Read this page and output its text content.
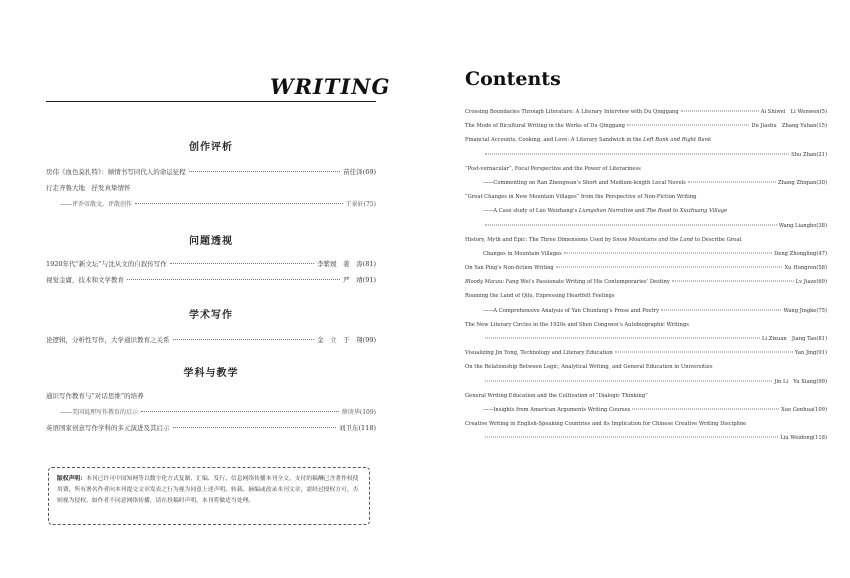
WRITING
创作评析
房伟《血色莫扎特》：倾情书写同代人的命运征程	苗佳泽(69)
行走齐鲁大地　抒发真挚情怀
——评乔帝散文，评散创作	王景轩(75)
问题透视
1920年代“新文坛”与沈从文的自叙传写作	李紫媛　姜　涛(81)
视觉金庸，技术和文学教育	严　靖(91)
学术写作
论逻辑，分析性写作，大学通识教育之关系	金　立　于　翔(99)
学科与教学
通识写作教育与“对话思维”的培养
——美国说理写作教育的启示	薛庚华(109)
英语国家创意写作学科的多元演进及其启示	刘卫东(118)
版权声明：本刊已许可中国知网等以数字化方式复制、汇编、发行、信息网络传播本刊全文。支付的稿酬已含著作权使用费，所有署名作者向本刊提交文章发表之行为视为同意上述声明。转载、摘编或改录本刊文章，需经过授权方可，否则视为侵权。如作者不同意网络传播，请在投稿时声明，本刊将做适当处理。
Contents
Crossing Boundaries Through Literature: A Literary Interview with Du Qinggang	Ai Shiwei　Li Wenwen(5)
The Mode of Bicultural Writing in the Works of Du Qinggang	Du Jiashu　Zhang Yuhan(15)
Financial Accounts, Cooking, and Love: A Literary Sandwich in the Left Bank and Right Bank
Shu Zhan(21)
“Post-vernacular”, Focal Perspective and the Power of Literariness
——Commenting on Ran Zhengwan’s Short and Medium-length Local Novels	Zhang Zhiqian(30)
“Great Changes in New Mountain Villages” from the Perspective of Non-Fiction Writing
——A Case study of Luo Weizhang’s Liangshan Narrative and The Road to Xiazhuang Village
Wang Liangbo(38)
History, Myth and Epic: The Three Dimensions Used by Snow Mountains and the Land to Describe Great
Changes in Mountain Villages	Deng Zhongling(47)
On Yan Ping’s Non-fiction Writing	Xu Hongren(58)
Bloody Macau: Fang Wei’s Passionate Writing of His Contemporaries’ Destiny	Lv Jiaze(69)
Roaming the Land of Qilu, Expressing Heartfelt Feelings
——A Comprehensive Analysis of Yan Chunfang’s Prose and Poetry	Wang Jingke(75)
The New Literary Circles in the 1920s and Shen Congwen’s Autobiographic Writings
Li Zixuan　Jiang Tao(81)
Visualizing Jin Yong, Technology and Literary Education	Yan Jing(91)
On the Relationship Between Logic, Analytical Writing, and General Education in Universities
Jin Li　Yu Xiang(99)
General Writing Education and the Cultivation of “Dialogic Thinking”
——Insights from American Arguments Writing Courses	Xue Genhua(109)
Creative Writing in English-Speaking Countries and its Implication for Chinese Creative Writing Discipline
Liu Weidong(118)
